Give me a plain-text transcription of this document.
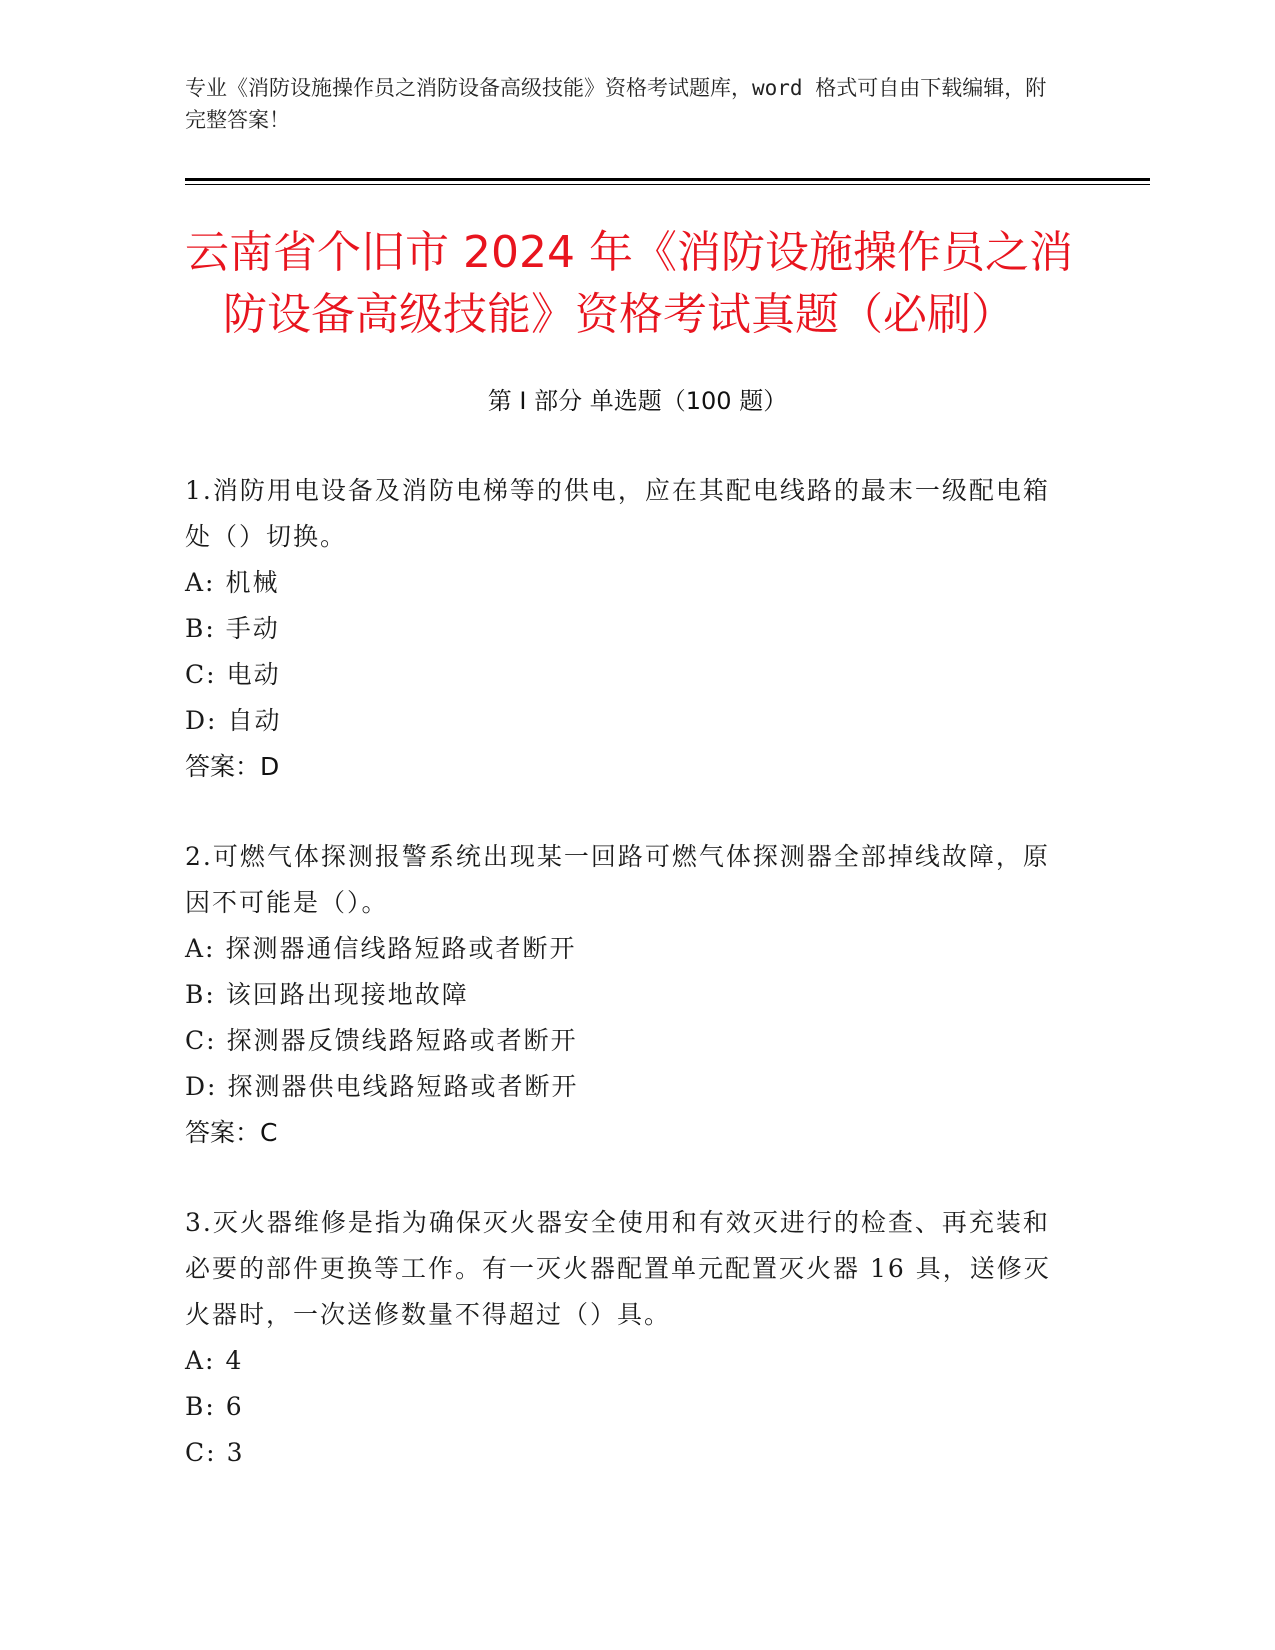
专业《消防设施操作员之消防设备高级技能》资格考试题库，word 格式可自由下载编辑，附完整答案！
云南省个旧市 2024 年《消防设施操作员之消
防设备高级技能》资格考试真题（必刷）
第 I 部分 单选题（100 题）
1.消防用电设备及消防电梯等的供电，应在其配电线路的最末一级配电箱处（）切换。
A: 机械
B: 手动
C: 电动
D: 自动
答案：D
2.可燃气体探测报警系统出现某一回路可燃气体探测器全部掉线故障，原因不可能是（）。
A: 探测器通信线路短路或者断开
B: 该回路出现接地故障
C: 探测器反馈线路短路或者断开
D: 探测器供电线路短路或者断开
答案：C
3.灭火器维修是指为确保灭火器安全使用和有效灭进行的检查、再充装和必要的部件更换等工作。有一灭火器配置单元配置灭火器 16 具，送修灭火器时，一次送修数量不得超过（）具。
A: 4
B: 6
C: 3
